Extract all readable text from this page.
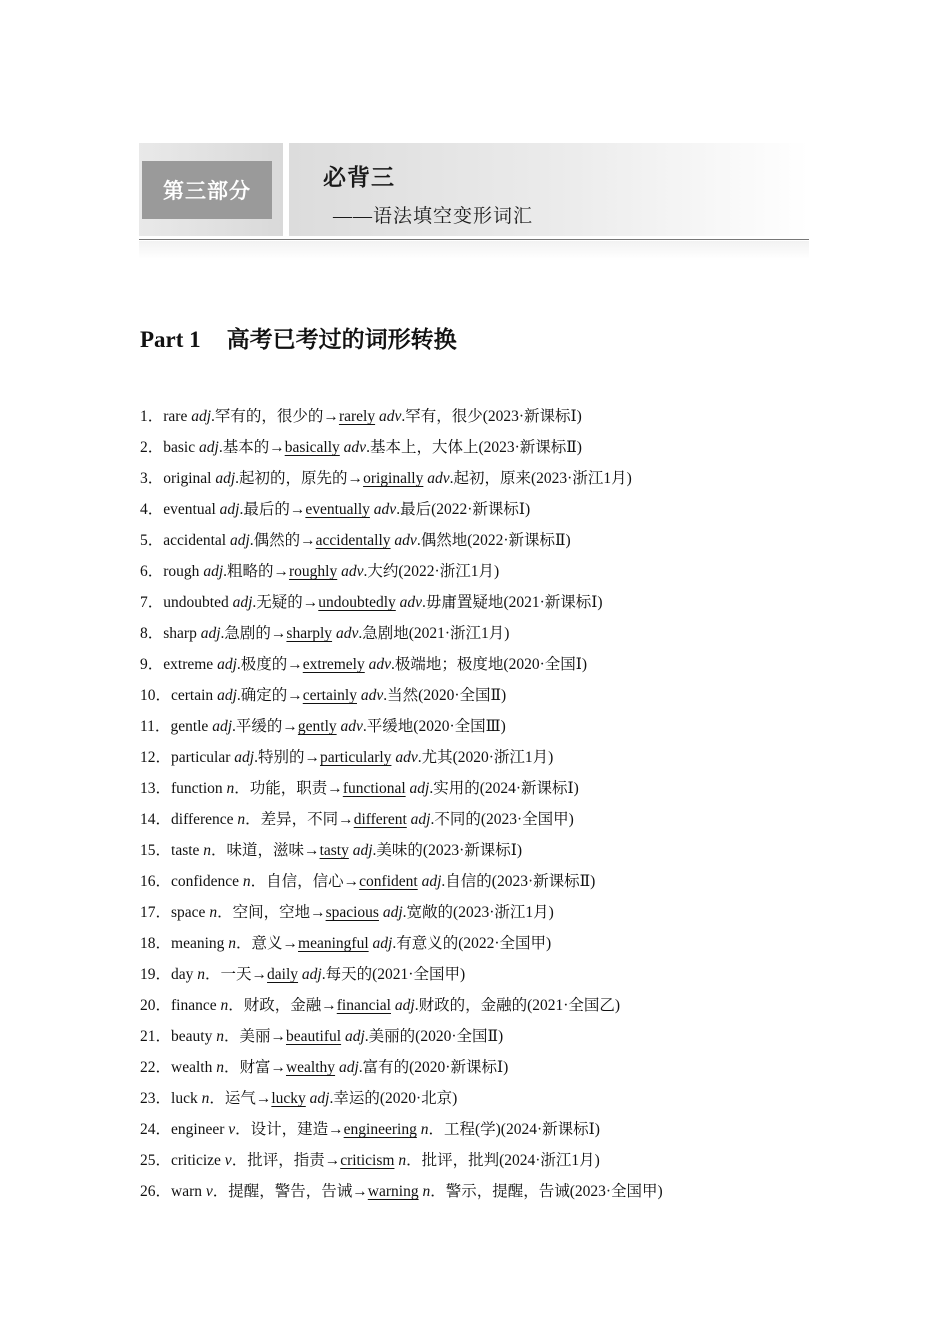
第三部分
必背三
——语法填空变形词汇
Part 1 高考已考过的词形转换
1．rare adj.罕有的，很少的→rarely adv.罕有，很少(2023·新课标Ⅰ)
2．basic adj.基本的→basically adv.基本上，大体上(2023·新课标Ⅱ)
3．original adj.起初的，原先的→originally adv.起初，原来(2023·浙江1月)
4．eventual adj.最后的→eventually adv.最后(2022·新课标Ⅰ)
5．accidental adj.偶然的→accidentally adv.偶然地(2022·新课标Ⅱ)
6．rough adj.粗略的→roughly adv.大约(2022·浙江1月)
7．undoubted adj.无疑的→undoubtedly adv.毋庸置疑地(2021·新课标Ⅰ)
8．sharp adj.急剧的→sharply adv.急剧地(2021·浙江1月)
9．extreme adj.极度的→extremely adv.极端地；极度地(2020·全国Ⅰ)
10．certain adj.确定的→certainly adv.当然(2020·全国Ⅱ)
11．gentle adj.平缓的→gently adv.平缓地(2020·全国Ⅲ)
12．particular adj.特别的→particularly adv.尤其(2020·浙江1月)
13．function n．功能，职责→functional adj.实用的(2024·新课标Ⅰ)
14．difference n．差异，不同→different adj.不同的(2023·全国甲)
15．taste n．味道，滋味→tasty adj.美味的(2023·新课标Ⅰ)
16．confidence n．自信，信心→confident adj.自信的(2023·新课标Ⅱ)
17．space n．空间，空地→spacious adj.宽敞的(2023·浙江1月)
18．meaning n．意义→meaningful adj.有意义的(2022·全国甲)
19．day n．一天→daily adj.每天的(2021·全国甲)
20．finance n．财政，金融→financial adj.财政的，金融的(2021·全国乙)
21．beauty n．美丽→beautiful adj.美丽的(2020·全国Ⅱ)
22．wealth n．财富→wealthy adj.富有的(2020·新课标Ⅰ)
23．luck n．运气→lucky adj.幸运的(2020·北京)
24．engineer v．设计，建造→engineering n．工程(学)(2024·新课标Ⅰ)
25．criticize v．批评，指责→criticism n．批评，批判(2024·浙江1月)
26．warn v．提醒，警告，告诫→warning n．警示，提醒，告诫(2023·全国甲)
